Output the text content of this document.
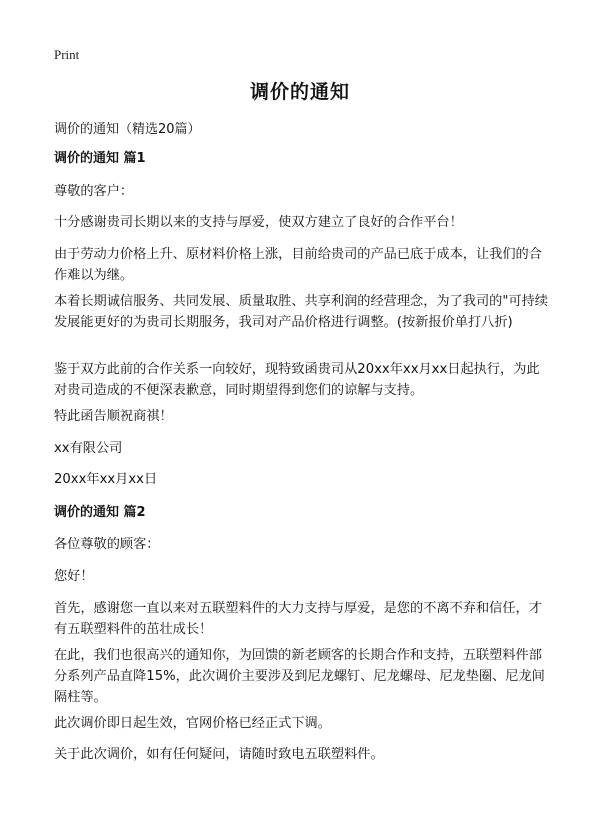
Print
调价的通知
调价的通知（精选20篇）
调价的通知 篇1

尊敬的客户：

十分感谢贵司长期以来的支持与厚爱，使双方建立了良好的合作平台！

由于劳动力价格上升、原材料价格上涨，目前给贵司的产品已底于成本，让我们的合作难以为继。

本着长期诚信服务、共同发展、质量取胜、共享利润的经营理念，为了我司的"可持续发展能更好的为贵司长期服务，我司对产品价格进行调整。(按新报价单打八折)

鉴于双方此前的合作关系一向较好，现特致函贵司从20xx年xx月xx日起执行，为此对贵司造成的不便深表歉意，同时期望得到您们的谅解与支持。

特此函告顺祝商祺！

xx有限公司

20xx年xx月xx日

调价的通知 篇2

各位尊敬的顾客：

您好！

首先，感谢您一直以来对五联塑料件的大力支持与厚爱，是您的不离不弃和信任，才有五联塑料件的茁壮成长！

在此，我们也很高兴的通知你，为回馈的新老顾客的长期合作和支持，五联塑料件部分系列产品直降15%，此次调价主要涉及到尼龙螺钉、尼龙螺母、尼龙垫圈、尼龙间隔柱等。

此次调价即日起生效，官网价格已经正式下调。

关于此次调价，如有任何疑问，请随时致电五联塑料件。
